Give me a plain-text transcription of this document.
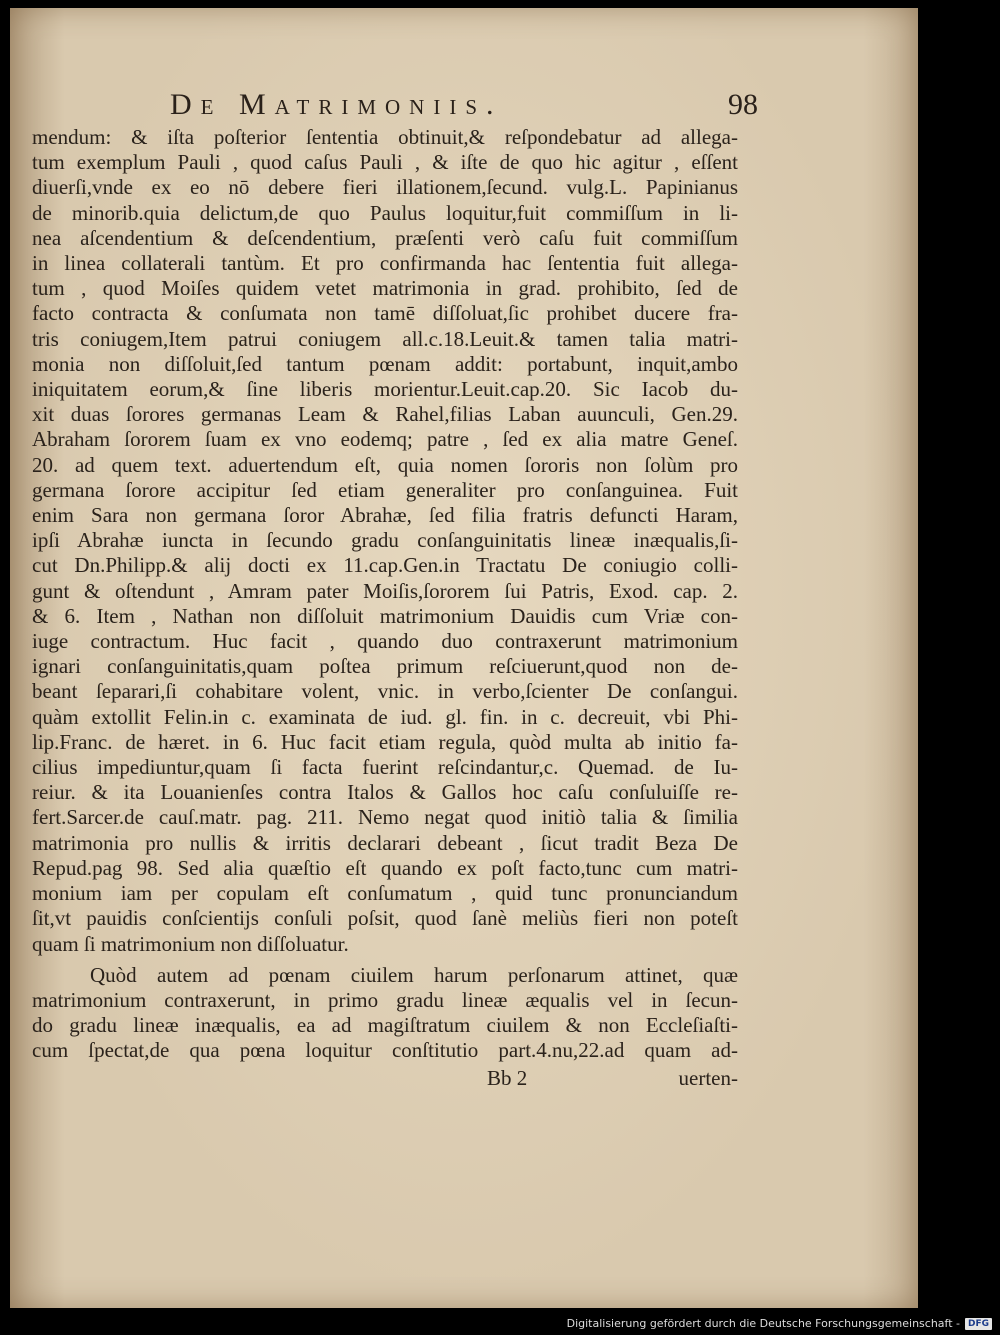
De Matrimoniis.	98
mendum: & iſta poſterior ſententia obtinuit,& reſpondebatur ad allega-
tum exemplum Pauli , quod caſus Pauli , & iſte de quo hic agitur , eſſent
diuerſi,vnde ex eo nō debere fieri illationem,ſecund. vulg.L. Papinianus
de minorib.quia delictum,de quo Paulus loquitur,fuit commiſſum in li-
nea aſcendentium & deſcendentium, præſenti verò caſu fuit commiſſum
in linea collaterali tantùm. Et pro confirmanda hac ſententia fuit allega-
tum , quod Moiſes quidem vetet matrimonia in grad. prohibito, ſed de
facto contracta & conſumata non tamē diſſoluat,ſic prohibet ducere fra-
tris coniugem,Item patrui coniugem all.c.18.Leuit.& tamen talia matri-
monia non diſſoluit,ſed tantum pœnam addit: portabunt, inquit,ambo
iniquitatem eorum,& ſine liberis morientur.Leuit.cap.20. Sic Iacob du-
xit duas ſorores germanas Leam & Rahel,filias Laban auunculi, Gen.29.
Abraham ſororem ſuam ex vno eodemq; patre , ſed ex alia matre Geneſ.
20. ad quem text. aduertendum eſt, quia nomen ſororis non ſolùm pro
germana ſorore accipitur ſed etiam generaliter pro conſanguinea. Fuit
enim Sara non germana ſoror Abrahæ, ſed filia fratris defuncti Haram,
ipſi Abrahæ iuncta in ſecundo gradu conſanguinitatis lineæ inæqualis,ſi-
cut Dn.Philipp.& alij docti ex 11.cap.Gen.in Tractatu De coniugio colli-
gunt & oſtendunt , Amram pater Moiſis,ſororem ſui Patris, Exod. cap. 2.
& 6. Item , Nathan non diſſoluit matrimonium Dauidis cum Vriæ con-
iuge contractum. Huc facit , quando duo contraxerunt matrimonium
ignari conſanguinitatis,quam poſtea primum reſciuerunt,quod non de-
beant ſeparari,ſi cohabitare volent, vnic. in verbo,ſcienter De conſangui.
quàm extollit Felin.in c. examinata de iud. gl. fin. in c. decreuit, vbi Phi-
lip.Franc. de hæret. in 6. Huc facit etiam regula, quòd multa ab initio fa-
cilius impediuntur,quam ſi facta fuerint reſcindantur,c. Quemad. de Iu-
reiur. & ita Louanienſes contra Italos & Gallos hoc caſu conſuluiſſe re-
fert.Sarcer.de cauſ.matr. pag. 211. Nemo negat quod initiò talia & ſimilia
matrimonia pro nullis & irritis declarari debeant , ſicut tradit Beza De
Repud.pag 98. Sed alia quæſtio eſt quando ex poſt facto,tunc cum matri-
monium iam per copulam eſt conſumatum , quid tunc pronunciandum
ſit,vt pauidis conſcientijs conſuli poſsit, quod ſanè meliùs fieri non poteſt
quam ſi matrimonium non diſſoluatur.
Quòd autem ad pœnam ciuilem harum perſonarum attinet, quæ
matrimonium contraxerunt, in primo gradu lineæ æqualis vel in ſecun-
do gradu lineæ inæqualis, ea ad magiſtratum ciuilem & non Eccleſiaſti-
cum ſpectat,de qua pœna loquitur conſtitutio part.4.nu,22.ad quam ad-
Bb 2	uerten-
Digitalisierung gefördert durch die Deutsche Forschungsgemeinschaft - DFG
